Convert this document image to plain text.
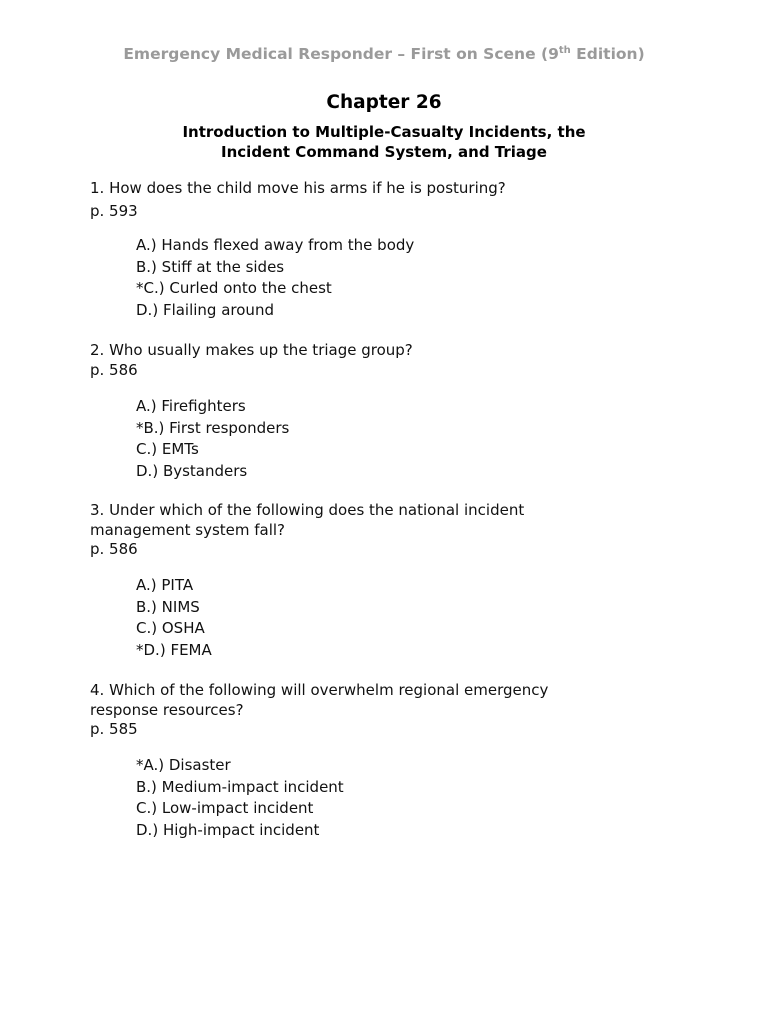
Emergency Medical Responder – First on Scene (9th Edition)
Chapter 26
Introduction to Multiple-Casualty Incidents, the
Incident Command System, and Triage
1. How does the child move his arms if he is posturing?
p. 593
A.) Hands flexed away from the body
B.) Stiff at the sides
*C.) Curled onto the chest
D.) Flailing around
2. Who usually makes up the triage group?
p. 586
A.) Firefighters
*B.) First responders
C.) EMTs
D.) Bystanders
3. Under which of the following does the national incident
management system fall?
p. 586
A.) PITA
B.) NIMS
C.) OSHA
*D.) FEMA
4. Which of the following will overwhelm regional emergency
response resources?
p. 585
*A.) Disaster
B.) Medium-impact incident
C.) Low-impact incident
D.) High-impact incident
